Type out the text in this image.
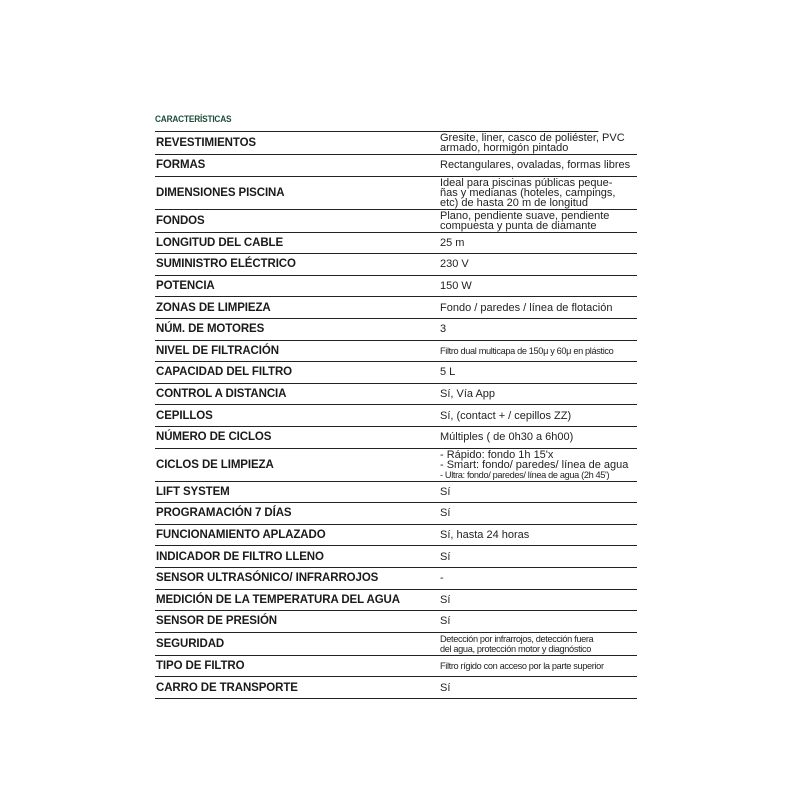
CARACTERÍSTICAS
REVESTIMIENTOS	Gresite, liner, casco de poliéster, PVC
armado, hormigón pintado

FORMAS	Rectangulares, ovaladas, formas libres

DIMENSIONES PISCINA	Ideal para piscinas públicas peque-
ñas y medianas (hoteles, campings,
etc) de hasta 20 m de longitud

FONDOS	Plano, pendiente suave, pendiente
compuesta y punta de diamante

LONGITUD DEL CABLE	25 m

SUMINISTRO ELÉCTRICO	230 V

POTENCIA	150 W

ZONAS DE LIMPIEZA	Fondo / paredes / línea de flotación

NÚM. DE MOTORES	3

NIVEL DE FILTRACIÓN	Filtro dual multicapa de 150μ y 60μ en plástico

CAPACIDAD DEL FILTRO	5 L

CONTROL A DISTANCIA	Sí, Vía App

CEPILLOS	Sí, (contact + / cepillos ZZ)

NÚMERO DE CICLOS	Múltiples ( de 0h30 a 6h00)

CICLOS DE LIMPIEZA	- Rápido: fondo 1h 15'x
- Smart: fondo/ paredes/ línea de agua
- Ultra: fondo/ paredes/ línea de agua (2h 45')

LIFT SYSTEM	Sí

PROGRAMACIÓN 7 DÍAS	Sí

FUNCIONAMIENTO APLAZADO	Sí, hasta 24 horas

INDICADOR DE FILTRO LLENO	Sí

SENSOR ULTRASÓNICO/ INFRARROJOS	-

MEDICIÓN DE LA TEMPERATURA DEL AGUA	Sí

SENSOR DE PRESIÓN	Sí

SEGURIDAD	Detección por infrarrojos, detección fuera
del agua, protección motor y diagnóstico

TIPO DE FILTRO	Filtro rígido con acceso por la parte superior

CARRO DE TRANSPORTE	Sí
